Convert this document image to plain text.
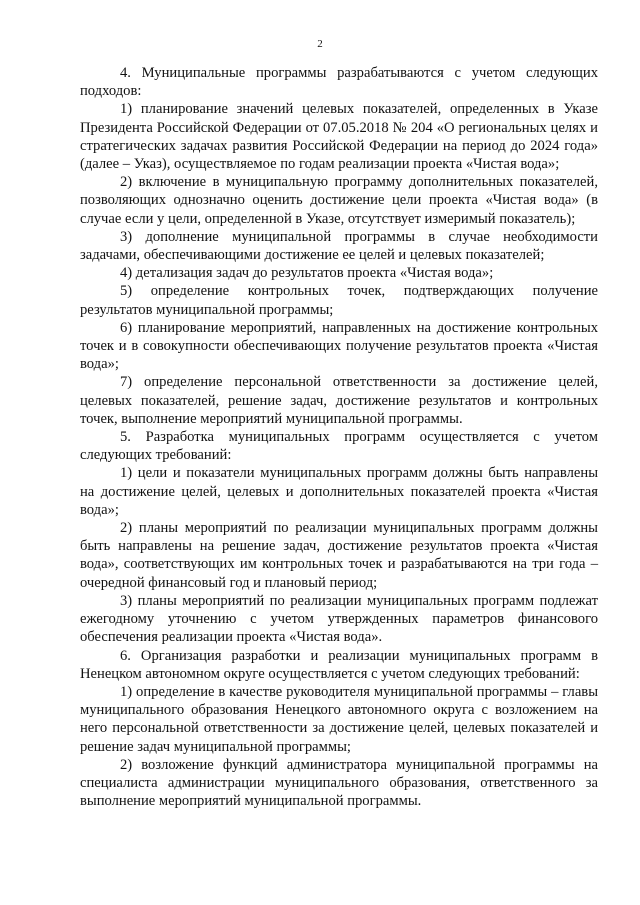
2

4. Муниципальные программы разрабатываются с учетом следующих подходов:

1) планирование значений целевых показателей, определенных в Указе Президента Российской Федерации от 07.05.2018 № 204 «О региональных целях и стратегических задачах развития Российской Федерации на период до 2024 года» (далее – Указ), осуществляемое по годам реализации проекта «Чистая вода»;

2) включение в муниципальную программу дополнительных показателей, позволяющих однозначно оценить достижение цели проекта «Чистая вода» (в случае если у цели, определенной в Указе, отсутствует измеримый показатель);

3) дополнение муниципальной программы в случае необходимости задачами, обеспечивающими достижение ее целей и целевых показателей;

4) детализация задач до результатов проекта «Чистая вода»;

5) определение контрольных точек, подтверждающих получение результатов муниципальной программы;

6) планирование мероприятий, направленных на достижение контрольных точек и в совокупности обеспечивающих получение результатов проекта «Чистая вода»;

7) определение персональной ответственности за достижение целей, целевых показателей, решение задач, достижение результатов и контрольных точек, выполнение мероприятий муниципальной программы.

5. Разработка муниципальных программ осуществляется с учетом следующих требований:

1) цели и показатели муниципальных программ должны быть направлены на достижение целей, целевых и дополнительных показателей проекта «Чистая вода»;

2) планы мероприятий по реализации муниципальных программ должны быть направлены на решение задач, достижение результатов проекта «Чистая вода», соответствующих им контрольных точек и разрабатываются на три года – очередной финансовый год и плановый период;

3) планы мероприятий по реализации муниципальных программ подлежат ежегодному уточнению с учетом утвержденных параметров финансового обеспечения реализации проекта «Чистая вода».

6. Организация разработки и реализации муниципальных программ в Ненецком автономном округе осуществляется с учетом следующих требований:

1) определение в качестве руководителя муниципальной программы – главы муниципального образования Ненецкого автономного округа с возложением на него персональной ответственности за достижение целей, целевых показателей и решение задач муниципальной программы;

2) возложение функций администратора муниципальной программы на специалиста администрации муниципального образования, ответственного за выполнение мероприятий муниципальной программы.
